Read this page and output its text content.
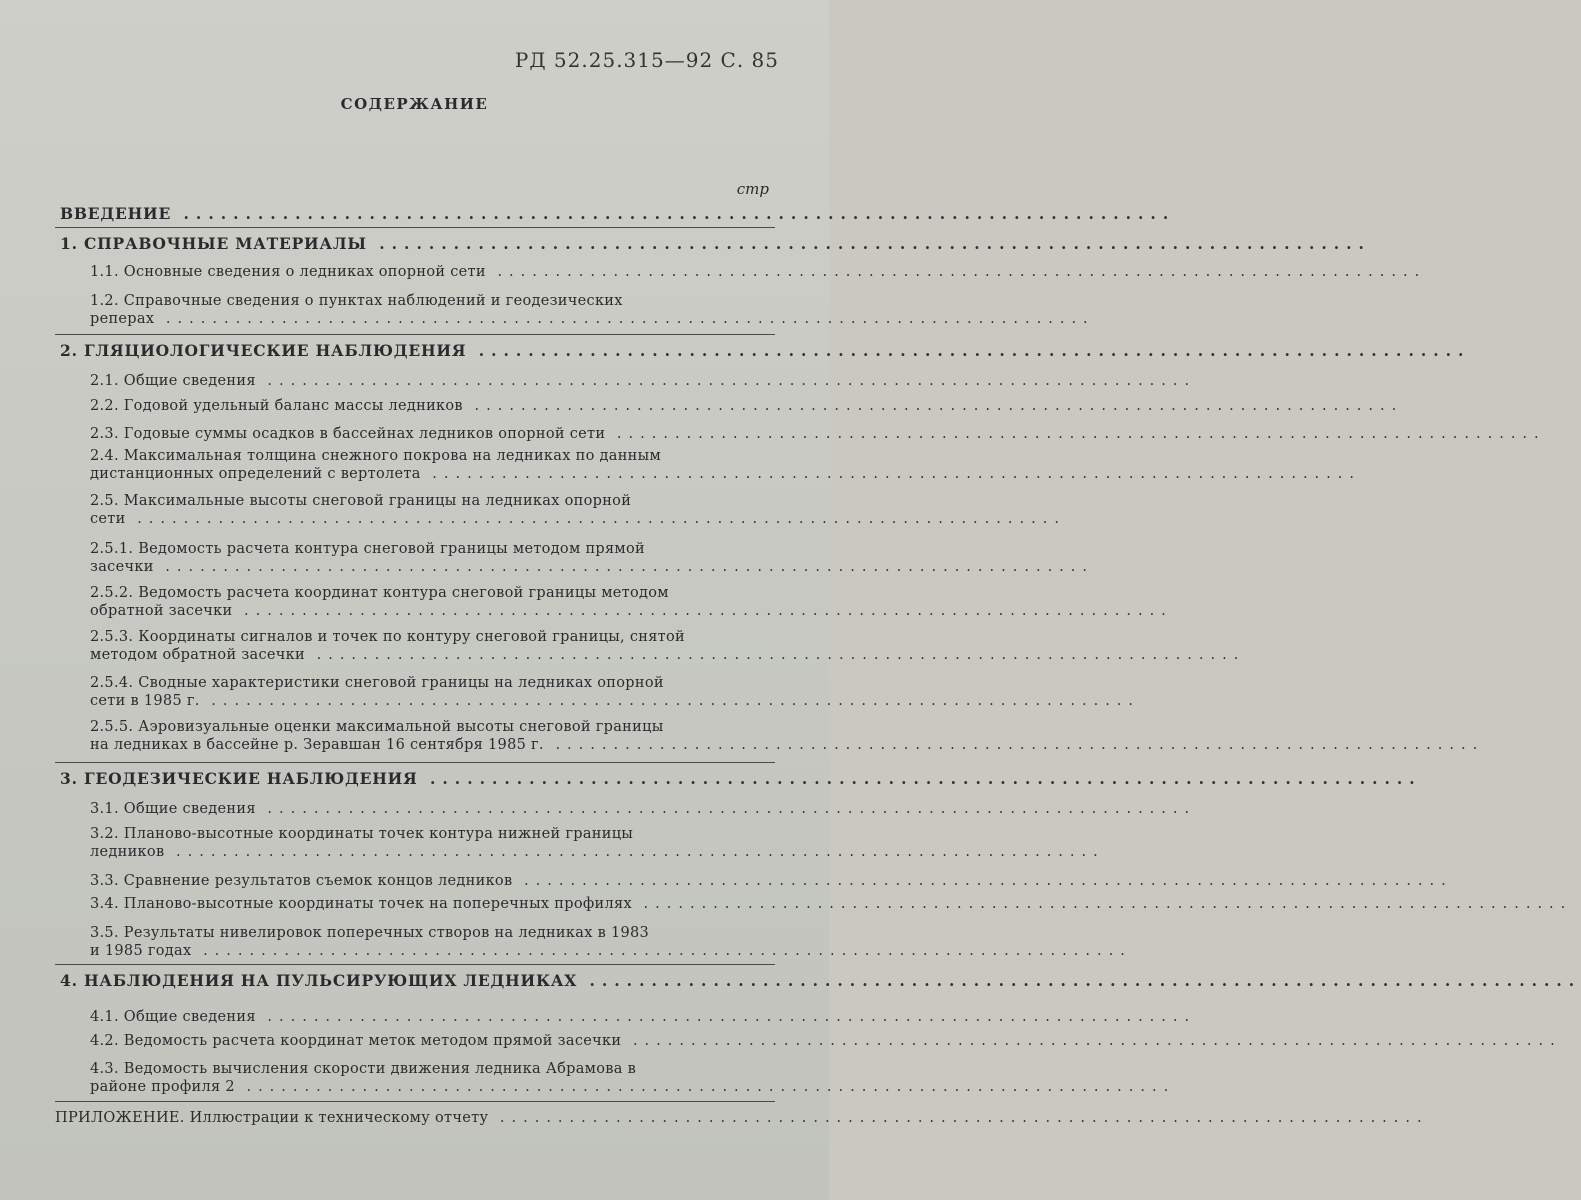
РД 52.25.315—92 С. 85
СОДЕРЖАНИЕ
стр
ВВЕДЕНИЕ ................................................................................
1. СПРАВОЧНЫЕ МАТЕРИАЛЫ ................................................................................
1.1. Основные сведения о ледниках опорной сети ................................................................................
1.2. Справочные сведения о пунктах наблюдений и геодезических
реперах ................................................................................
2. ГЛЯЦИОЛОГИЧЕСКИЕ НАБЛЮДЕНИЯ ................................................................................
2.1. Общие сведения ................................................................................
2.2. Годовой удельный баланс массы ледников ................................................................................
2.3. Годовые суммы осадков в бассейнах ледников опорной сети ................................................................................
2.4. Максимальная толщина снежного покрова на ледниках по данным
дистанционных определений с вертолета ................................................................................
2.5. Максимальные высоты снеговой границы на ледниках опорной
сети ................................................................................
2.5.1. Ведомость расчета контура снеговой границы методом прямой
засечки ................................................................................
2.5.2. Ведомость расчета координат контура снеговой границы методом
обратной засечки ................................................................................
2.5.3. Координаты сигналов и точек по контуру снеговой границы, снятой
методом обратной засечки ................................................................................
2.5.4. Сводные характеристики снеговой границы на ледниках опорной
сети в 1985 г. ................................................................................
2.5.5. Аэровизуальные оценки максимальной высоты снеговой границы
на ледниках в бассейне р. Зеравшан 16 сентября 1985 г. ................................................................................
3. ГЕОДЕЗИЧЕСКИЕ НАБЛЮДЕНИЯ ................................................................................
3.1. Общие сведения ................................................................................
3.2. Планово-высотные координаты точек контура нижней границы
ледников ................................................................................
3.3. Сравнение результатов съемок концов ледников ................................................................................
3.4. Планово-высотные координаты точек на поперечных профилях ................................................................................
3.5. Результаты нивелировок поперечных створов на ледниках в 1983
и 1985 годах ................................................................................
4. НАБЛЮДЕНИЯ НА ПУЛЬСИРУЮЩИХ ЛЕДНИКАХ ................................................................................
4.1. Общие сведения ................................................................................
4.2. Ведомость расчета координат меток методом прямой засечки ................................................................................
4.3. Ведомость вычисления скорости движения ледника Абрамова в
районе профиля 2 ................................................................................
ПРИЛОЖЕНИЕ. Иллюстрации к техническому отчету ................................................................................
